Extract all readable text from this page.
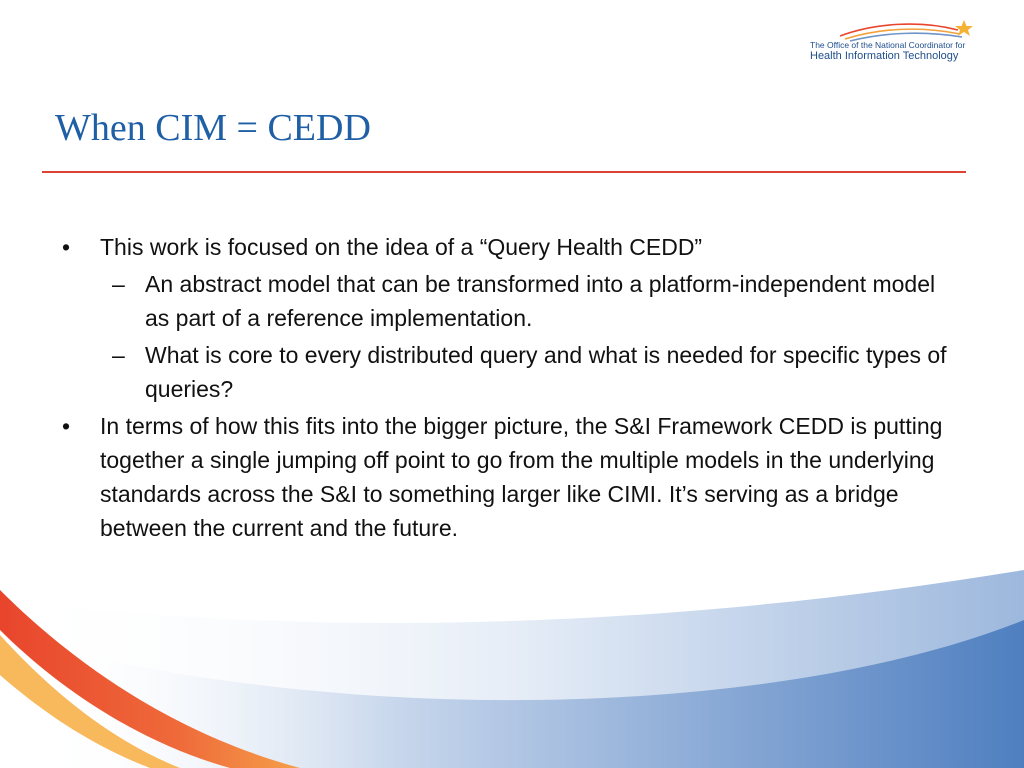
The Office of the National Coordinator for
Health Information Technology
When CIM = CEDD
• This work is focused on the idea of a “Query Health CEDD”
– An abstract model that can be transformed into a platform-independent model as part of a reference implementation.
– What is core to every distributed query and what is needed for specific types of queries?
• In terms of how this fits into the bigger picture, the S&I Framework CEDD is putting together a single jumping off point to go from the multiple models in the underlying standards across the S&I to something larger like CIMI. It’s serving as a bridge between the current and the future.
